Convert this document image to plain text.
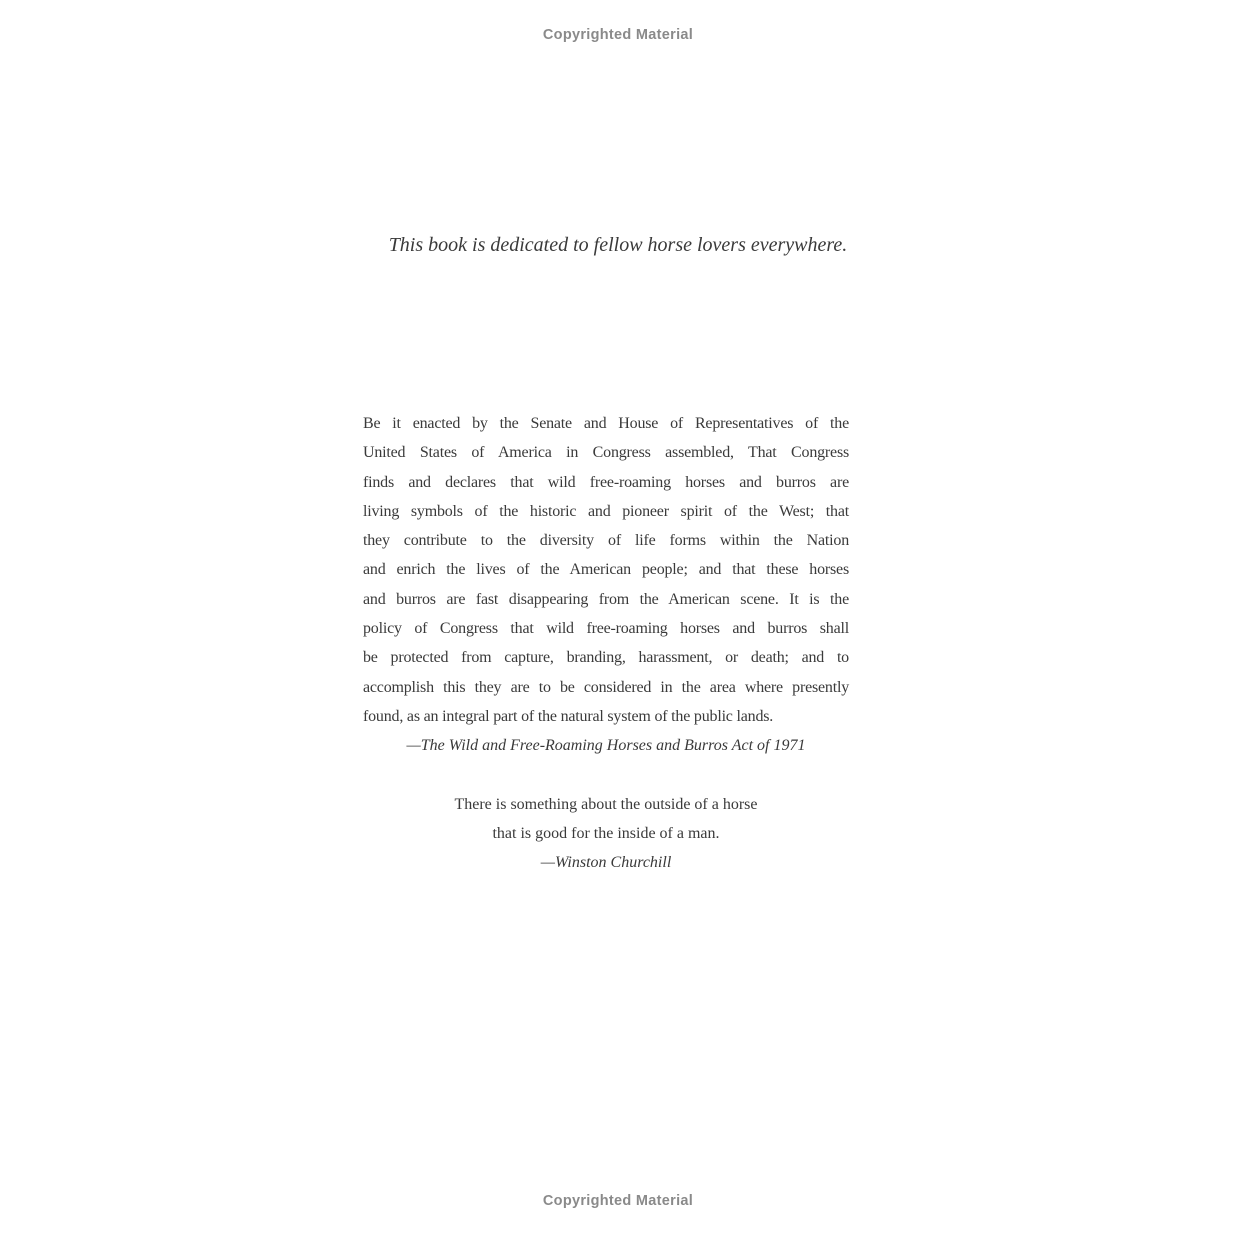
Copyrighted Material
This book is dedicated to fellow horse lovers everywhere.
Be it enacted by the Senate and House of Representatives of the
United States of America in Congress assembled, That Congress
finds and declares that wild free-roaming horses and burros are
living symbols of the historic and pioneer spirit of the West; that
they contribute to the diversity of life forms within the Nation
and enrich the lives of the American people; and that these horses
and burros are fast disappearing from the American scene. It is the
policy of Congress that wild free-roaming horses and burros shall
be protected from capture, branding, harassment, or death; and to
accomplish this they are to be considered in the area where presently
found, as an integral part of the natural system of the public lands.
—The Wild and Free-Roaming Horses and Burros Act of 1971
There is something about the outside of a horse
that is good for the inside of a man.
—Winston Churchill
Copyrighted Material
